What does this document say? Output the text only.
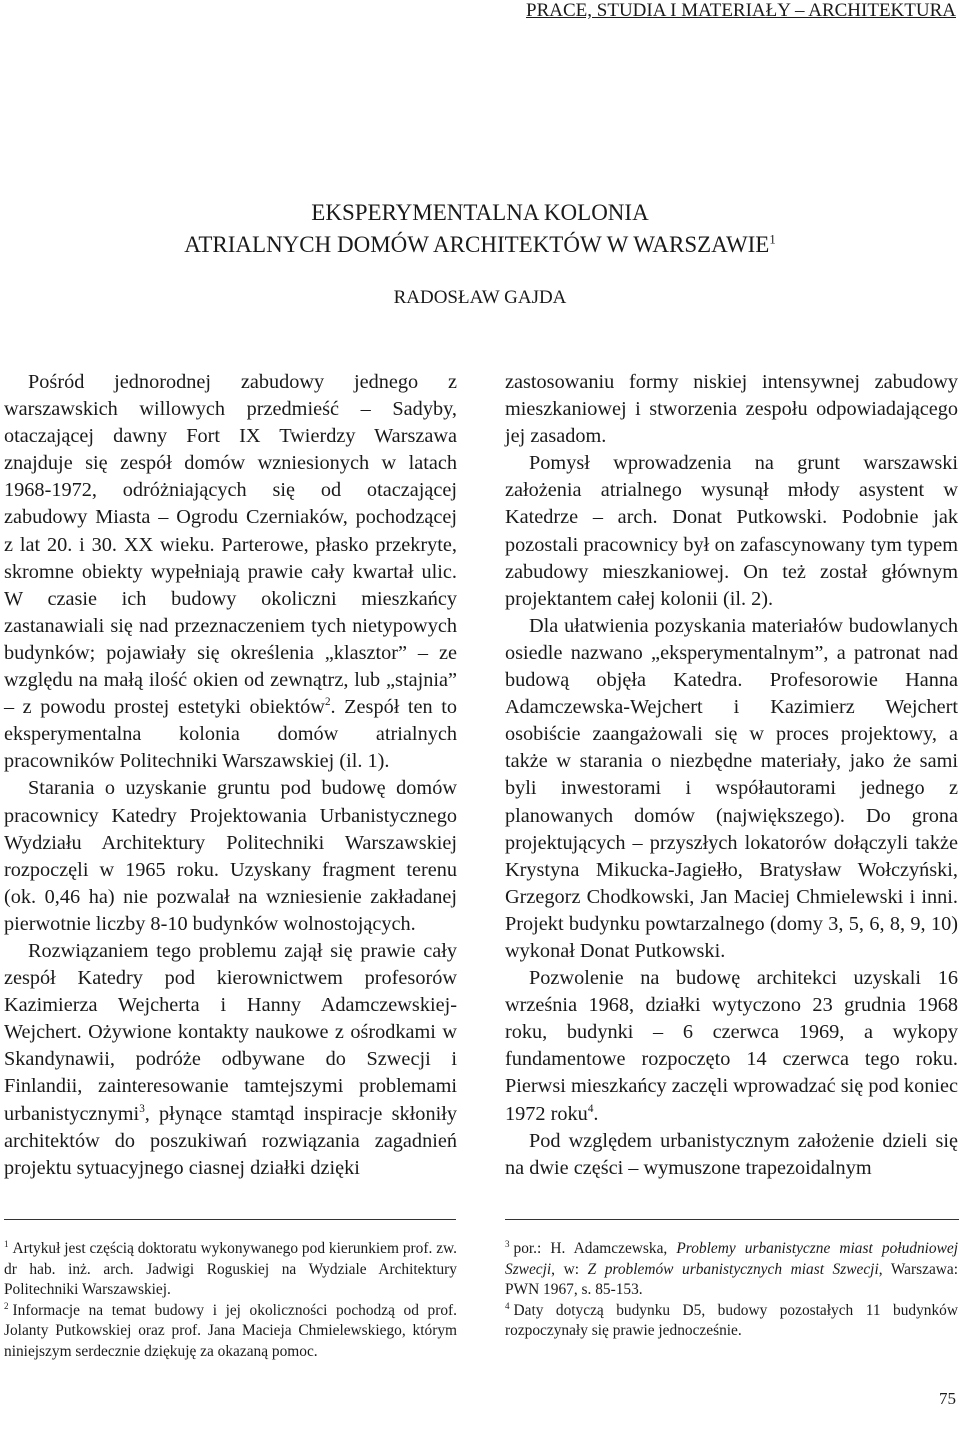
PRACE, STUDIA I MATERIAŁY – ARCHITEKTURA
EKSPERYMENTALNA KOLONIA
ATRIALNYCH DOMÓW ARCHITEKTÓW W WARSZAWIE$^1$
RADOSŁAW GAJDA

Pośród jednorodnej zabudowy jednego z warszawskich willowych przedmieść – Sadyby, otaczającej dawny Fort IX Twierdzy Warszawa znajduje się zespół domów wzniesionych w latach 1968-1972, odróżniających się od otaczającej zabudowy Miasta – Ogrodu Czerniaków, pochodzącej z lat 20. i 30. XX wieku. Parterowe, płasko przekryte, skromne obiekty wypełniają prawie cały kwartał ulic. W czasie ich budowy okoliczni mieszkańcy zastanawiali się nad przeznaczeniem tych nietypowych budynków; pojawiały się określenia „klasztor” – ze względu na małą ilość okien od zewnątrz, lub „stajnia” – z powodu prostej estetyki obiektów$^2$. Zespół ten to eksperymentalna kolonia domów atrialnych pracowników Politechniki Warszawskiej (il. 1).

Starania o uzyskanie gruntu pod budowę domów pracownicy Katedry Projektowania Urbanistycznego Wydziału Architektury Politechniki Warszawskiej rozpoczęli w 1965 roku. Uzyskany fragment terenu (ok. 0,46 ha) nie pozwalał na wzniesienie zakładanej pierwotnie liczby 8-10 budynków wolnostojących.

Rozwiązaniem tego problemu zajął się prawie cały zespół Katedry pod kierownictwem profesorów Kazimierza Wejcherta i Hanny Adamczewskiej-Wejchert. Ożywione kontakty naukowe z ośrodkami w Skandynawii, podróże odbywane do Szwecji i Finlandii, zainteresowanie tamtejszymi problemami urbanistycznymi$^3$, płynące stamtąd inspiracje skłoniły architektów do poszukiwań rozwiązania zagadnień projektu sytuacyjnego ciasnej działki dzięki

zastosowaniu formy niskiej intensywnej zabudowy mieszkaniowej i stworzenia zespołu odpowiadającego jej zasadom.

Pomysł wprowadzenia na grunt warszawski założenia atrialnego wysunął młody asystent w Katedrze – arch. Donat Putkowski. Podobnie jak pozostali pracownicy był on zafascynowany tym typem zabudowy mieszkaniowej. On też został głównym projektantem całej kolonii (il. 2).

Dla ułatwienia pozyskania materiałów budowlanych osiedle nazwano „eksperymentalnym”, a patronat nad budową objęła Katedra. Profesorowie Hanna Adamczewska-Wejchert i Kazimierz Wejchert osobiście zaangażowali się w proces projektowy, a także w starania o niezbędne materiały, jako że sami byli inwestorami i współautorami jednego z planowanych domów (największego). Do grona projektujących – przyszłych lokatorów dołączyli także Krystyna Mikucka-Jagiełło, Bratysław Wołczyński, Grzegorz Chodkowski, Jan Maciej Chmielewski i inni. Projekt budynku powtarzalnego (domy 3, 5, 6, 8, 9, 10) wykonał Donat Putkowski.

Pozwolenie na budowę architekci uzyskali 16 września 1968, działki wytyczono 23 grudnia 1968 roku, budynki – 6 czerwca 1969, a wykopy fundamentowe rozpoczęto 14 czerwca tego roku. Pierwsi mieszkańcy zaczęli wprowadzać się pod koniec 1972 roku$^4$.

Pod względem urbanistycznym założenie dzieli się na dwie części – wymuszone trapezoidalnym

$^1$ Artykuł jest częścią doktoratu wykonywanego pod kierunkiem prof. zw. dr hab. inż. arch. Jadwigi Roguskiej na Wydziale Architektury Politechniki Warszawskiej.

$^2$ Informacje na temat budowy i jej okoliczności pochodzą od prof. Jolanty Putkowskiej oraz prof. Jana Macieja Chmielewskiego, którym niniejszym serdecznie dziękuję za okazaną pomoc.

$^3$ por.: H. Adamczewska, Problemy urbanistyczne miast południowej Szwecji, w: Z problemów urbanistycznych miast Szwecji, Warszawa: PWN 1967, s. 85-153.

$^4$ Daty dotyczą budynku D5, budowy pozostałych 11 budynków rozpoczynały się prawie jednocześnie.

75
